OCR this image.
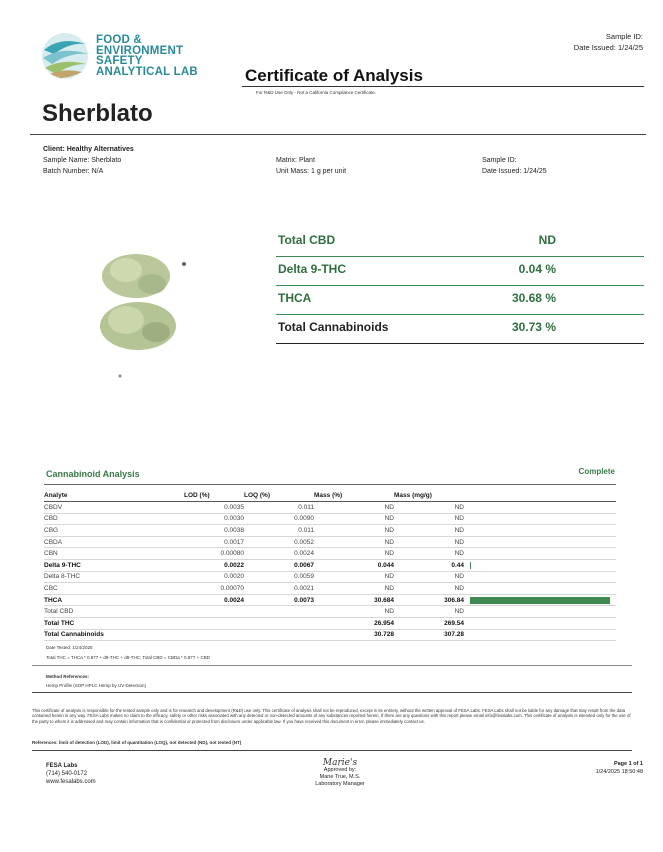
FOOD &
ENVIRONMENT
SAFETY
ANALYTICAL LAB
Sample ID:
Date Issued: 1/24/25
Certificate of Analysis
For R&D Use Only - Not a California Compliance Certificate.
Sherblato
Client: Healthy Alternatives
Sample Name: Sherblato
Batch Number: N/A
Matrix: Plant
Unit Mass: 1 g per unit
Sample ID:
Date Issued: 1/24/25
Total CBD	ND
Delta 9-THC	0.04 %
THCA	30.68 %
Total Cannabinoids	30.73 %
Cannabinoid Analysis	Complete
Analyte	LOD (%)	LOQ (%)	Mass (%)	Mass (mg/g)	
CBDV	0.0035	0.011	ND	ND	
CBD	0.0030	0.0090	ND	ND	
CBG	0.0038	0.011	ND	ND	
CBDA	0.0017	0.0052	ND	ND	
CBN	0.00080	0.0024	ND	ND	
Delta 9-THC	0.0022	0.0067	0.044	0.44	

Delta 8-THC	0.0020	0.0059	ND	ND	
CBC	0.00070	0.0021	ND	ND	
THCA	0.0024	0.0073	30.684	306.84	

Total CBD			ND	ND	
Total THC			26.954	269.54	
Total Cannabinoids			30.728	307.28	
Date Tested: 1/24/2025
Total THC = THCa * 0.877 + d9-THC + d8-THC; Total CBD = CBDa * 0.877 + CBD
Method References:
Hemp Profile (SOP HPLC Hemp by UV-Detection)
This certificate of analysis is responsible for the tested sample only and is for research and development (R&D) use only. This certificate of analysis shall not be reproduced, except in its entirety, without the written approval of FESA Labs. FESA Labs shall not be liable for any damage that may result from the data contained herein in any way. FESA Labs makes no claim to the efficacy, safety or other risks associated with any detected or non-detected amounts of any substances reported herein. If there are any questions with this report please email info@fesalabs.com. This certificate of analysis is intended only for the use of the party to whom it is addressed and may contain information that is confidential or protected from disclosure under applicable law. If you have received this document in error, please immediately contact us.
References: limit of detection (LOD), limit of quantitation (LOQ), not detected (ND), not tested (NT)
FESA Labs
(714) 540-0172
www.fesalabs.com
Marie's
Approved by:
Marie True, M.S.
Laboratory Manager
Page 1 of 1
1/24/2025 18:50:48
